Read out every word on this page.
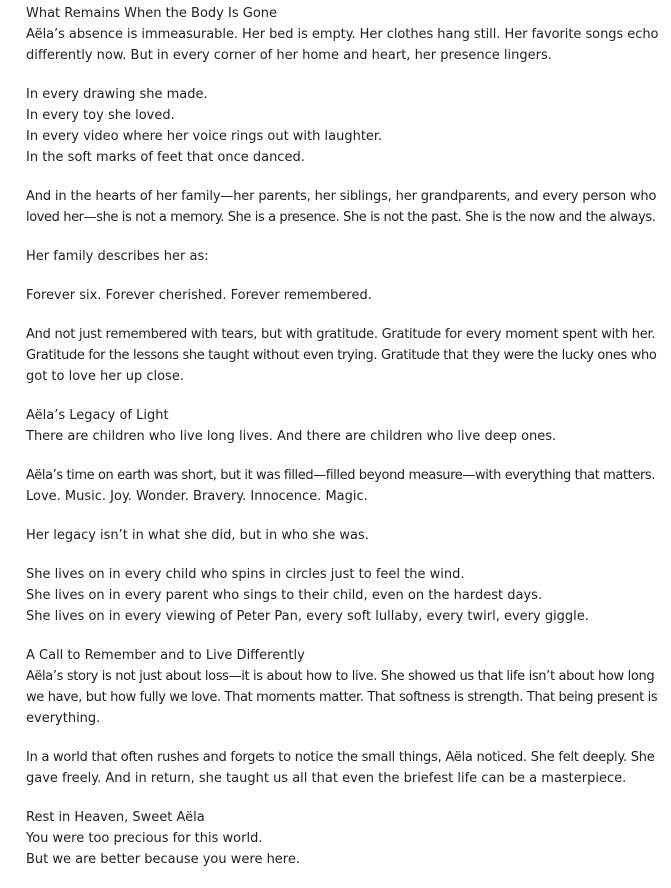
What Remains When the Body Is Gone
Aëla’s absence is immeasurable. Her bed is empty. Her clothes hang still. Her favorite songs echo
differently now. But in every corner of her home and heart, her presence lingers.
In every drawing she made.
In every toy she loved.
In every video where her voice rings out with laughter.
In the soft marks of feet that once danced.
And in the hearts of her family—her parents, her siblings, her grandparents, and every person who
loved her—she is not a memory. She is a presence. She is not the past. She is the now and the always.
Her family describes her as:
Forever six. Forever cherished. Forever remembered.
And not just remembered with tears, but with gratitude. Gratitude for every moment spent with her.
Gratitude for the lessons she taught without even trying. Gratitude that they were the lucky ones who
got to love her up close.
Aëla’s Legacy of Light
There are children who live long lives. And there are children who live deep ones.
Aëla’s time on earth was short, but it was filled—filled beyond measure—with everything that matters.
Love. Music. Joy. Wonder. Bravery. Innocence. Magic.
Her legacy isn’t in what she did, but in who she was.
She lives on in every child who spins in circles just to feel the wind.
She lives on in every parent who sings to their child, even on the hardest days.
She lives on in every viewing of Peter Pan, every soft lullaby, every twirl, every giggle.
A Call to Remember and to Live Differently
Aëla’s story is not just about loss—it is about how to live. She showed us that life isn’t about how long
we have, but how fully we love. That moments matter. That softness is strength. That being present is
everything.
In a world that often rushes and forgets to notice the small things, Aëla noticed. She felt deeply. She
gave freely. And in return, she taught us all that even the briefest life can be a masterpiece.
Rest in Heaven, Sweet Aëla
You were too precious for this world.
But we are better because you were here.
